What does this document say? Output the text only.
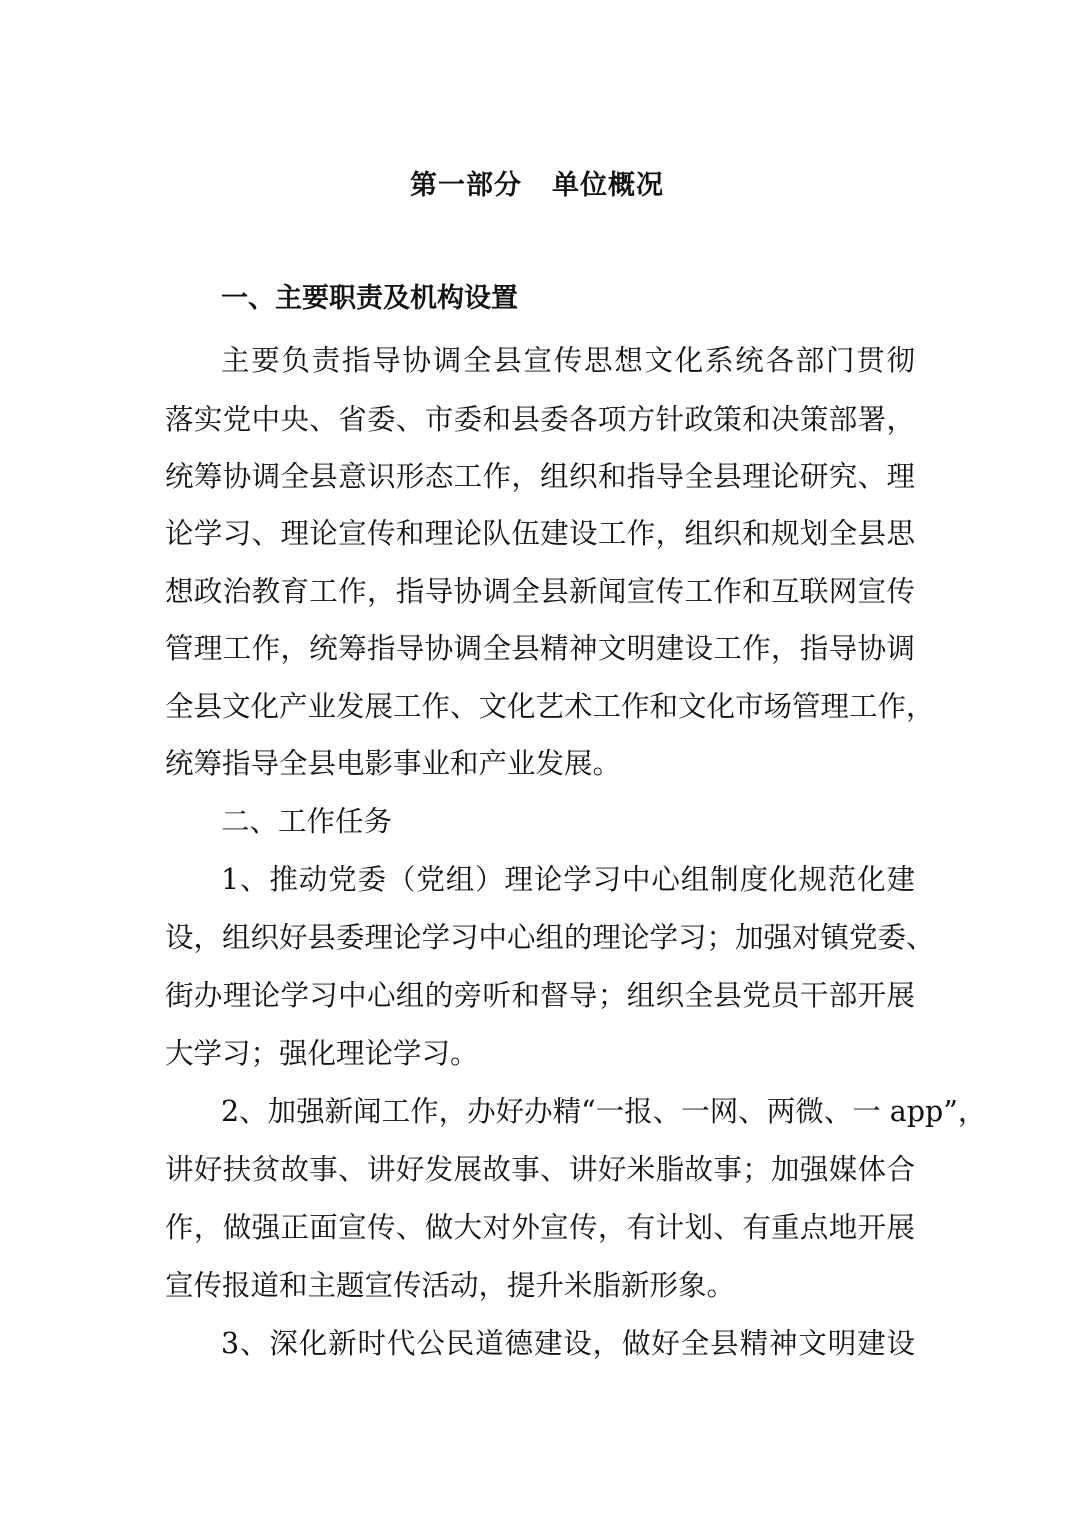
第一部分 单位概况
一、主要职责及机构设置
主要负责指导协调全县宣传思想文化系统各部门贯彻
落实党中央、省委、市委和县委各项方针政策和决策部署，
统筹协调全县意识形态工作，组织和指导全县理论研究、理
论学习、理论宣传和理论队伍建设工作，组织和规划全县思
想政治教育工作，指导协调全县新闻宣传工作和互联网宣传
管理工作，统筹指导协调全县精神文明建设工作，指导协调
全县文化产业发展工作、文化艺术工作和文化市场管理工作，
统筹指导全县电影事业和产业发展。
二、工作任务
1、推动党委（党组）理论学习中心组制度化规范化建
设，组织好县委理论学习中心组的理论学习；加强对镇党委、
街办理论学习中心组的旁听和督导；组织全县党员干部开展
大学习；强化理论学习。
2、加强新闻工作，办好办精“一报、一网、两微、一 app”，
讲好扶贫故事、讲好发展故事、讲好米脂故事；加强媒体合
作，做强正面宣传、做大对外宣传，有计划、有重点地开展
宣传报道和主题宣传活动，提升米脂新形象。
3、深化新时代公民道德建设，做好全县精神文明建设
